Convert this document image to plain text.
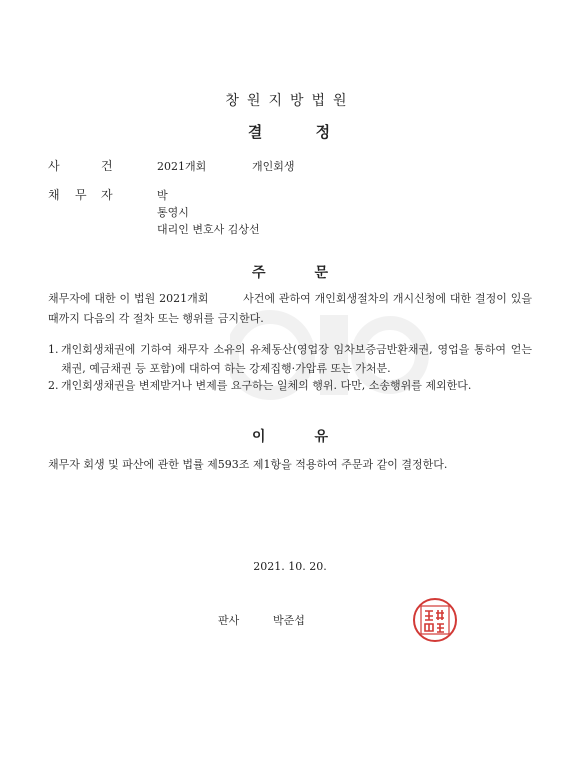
창원지방법원
결	정
사	건	2021개회	개인회생
채 무 자	박
통영시
대리인 변호사 김상선
주	문
채무자에 대한 이 법원 2021개회         사건에 관하여 개인회생절차의 개시신청에 대한 결정이 있을 때까지 다음의 각 절차 또는 행위를 금지한다.
1. 개인회생채권에 기하여 채무자 소유의 유체동산(영업장 임차보증금반환채권, 영업을 통하여 얻는 채권, 예금채권 등 포함)에 대하여 하는 강제집행·가압류 또는 가처분.
2. 개인회생채권을 변제받거나 변제를 요구하는 일체의 행위. 다만, 소송행위를 제외한다.
이	유
채무자 회생 및 파산에 관한 법률 제593조 제1항을 적용하여 주문과 같이 결정한다.
2021. 10. 20.
판사	박준섭
